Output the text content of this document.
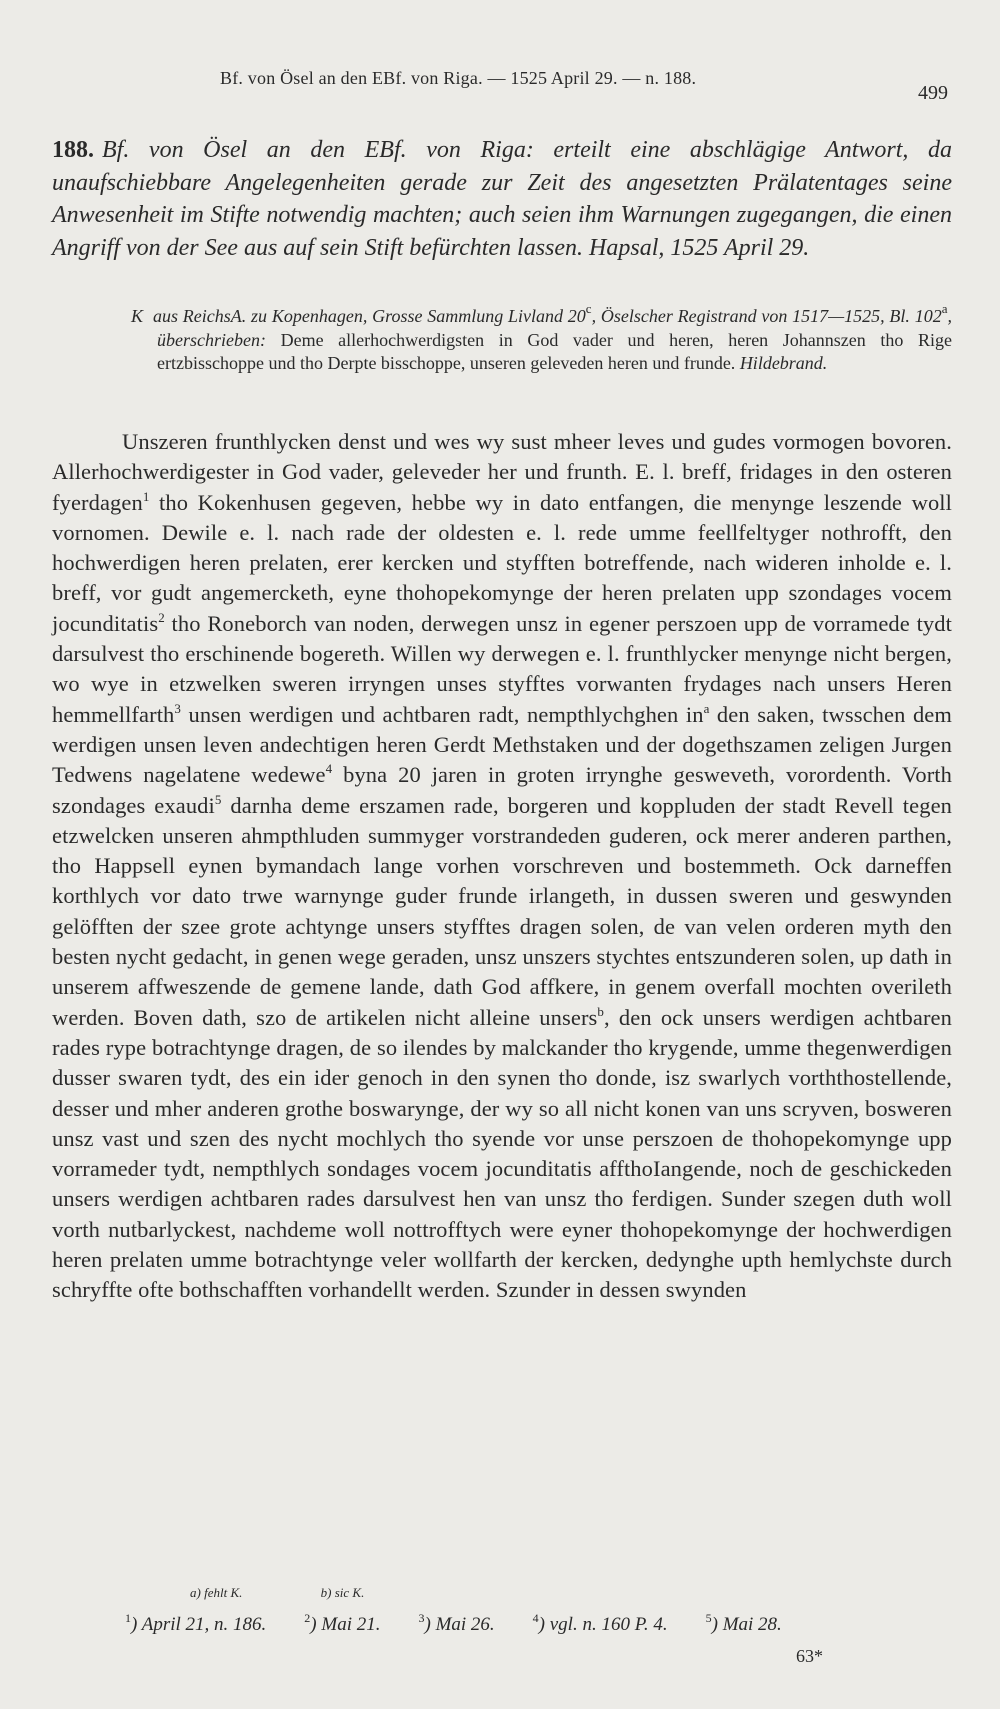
Bf. von Ösel an den EBf. von Riga. — 1525 April 29. — n. 188.
499
188. Bf. von Ösel an den EBf. von Riga: erteilt eine abschlägige Antwort, da unaufschiebbare Angelegenheiten gerade zur Zeit des angesetzten Prälatentages seine Anwesenheit im Stifte notwendig machten; auch seien ihm Warnungen zugegangen, die einen Angriff von der See aus auf sein Stift befürchten lassen. Hapsal, 1525 April 29.
K aus ReichsA. zu Kopenhagen, Grosse Sammlung Livland 20$^c$, Öselscher Registrand von 1517—1525, Bl. 102$^a$, überschrieben: Deme allerhochwerdigsten in God vader und heren, heren Johannszen tho Rige ertzbisschoppe und tho Derpte bisschoppe, unseren geleveden heren und frunde. Hildebrand.
Unszeren frunthlycken denst und wes wy sust mheer leves und gudes vormogen bovoren. Allerhochwerdigester in God vader, geleveder her und frunth. E. l. breff, fridages in den osteren fyerdagen$^1$ tho Kokenhusen gegeven, hebbe wy in dato entfangen, die menynge leszende woll vornomen. Dewile e. l. nach rade der oldesten e. l. rede umme feellfeltyger nothrofft, den hochwerdigen heren prelaten, erer kercken und styfften botreffende, nach wideren inholde e. l. breff, vor gudt angemercketh, eyne thohopekomynge der heren prelaten upp szondages vocem jocunditatis$^2$ tho Roneborch van noden, derwegen unsz in egener perszoen upp de vorramede tydt darsulvest tho erschinende bogereth. Willen wy derwegen e. l. frunthlycker menynge nicht bergen, wo wye in etzwelken sweren irryngen unses styfftes vorwanten frydages nach unsers Heren hemmellfarth$^3$ unsen werdigen und achtbaren radt, nempthlychghen $in^a$ den saken, twsschen dem werdigen unsen leven andechtigen heren Gerdt Methstaken und der dogethszamen zeligen Jurgen Tedwens nagelatene wedewe$^4$ byna 20 jaren in groten irrynghe gesweveth, vorordenth. Vorth szondages exaudi$^5$ darnha deme erszamen rade, borgeren und koppluden der stadt Revell tegen etzwelcken unseren ahmpthluden summyger vorstrandeden guderen, ock merer anderen parthen, tho Happsell eynen bymandach lange vorhen vorschreven und bostemmeth. Ock darneffen korthlych vor dato trwe warnynge guder frunde irlangeth, in dussen sweren und geswynden gelöfften der szee grote achtynge unsers styfftes dragen solen, de van velen orderen myth den besten nycht gedacht, in genen wege geraden, unsz unszers stychtes entszunderen solen, up dath in unserem affweszende de gemene lande, dath God affkere, in genem overfall mochten overileth werden. Boven dath, szo de artikelen nicht alleine unsers$^b$, den ock unsers werdigen achtbaren rades rype botrachtynge dragen, de so ilendes by malckander tho krygende, umme thegenwerdigen dusser swaren tydt, des ein ider genoch in den synen tho donde, isz swarlych vorththostellende, desser und mher anderen grothe boswarynge, der wy so all nicht konen van uns scryven, bosweren unsz vast und szen des nycht mochlych tho syende vor unse perszoen de thohopekomynge upp vorrameder tydt, nempthlych sondages vocem jocunditatis affthoIangende, noch de geschickeden unsers werdigen achtbaren rades darsulvest hen van unsz tho ferdigen. Sunder szegen duth woll vorth nutbarlyckest, nachdeme woll nottrofftych were eyner thohopekomynge der hochwerdigen heren prelaten umme botrachtynge veler wollfarth der kercken, dedynghe upth hemlychste durch schryffte ofte bothschafften vorhandellt werden. Szunder in dessen swynden
a) fehlt K.	b) sic K.
$^1$) April 21, n. 186.	$^2$) Mai 21.	$^3$) Mai 26.	$^4$) vgl. n. 160 P. 4.	$^5$) Mai 28.
63*
